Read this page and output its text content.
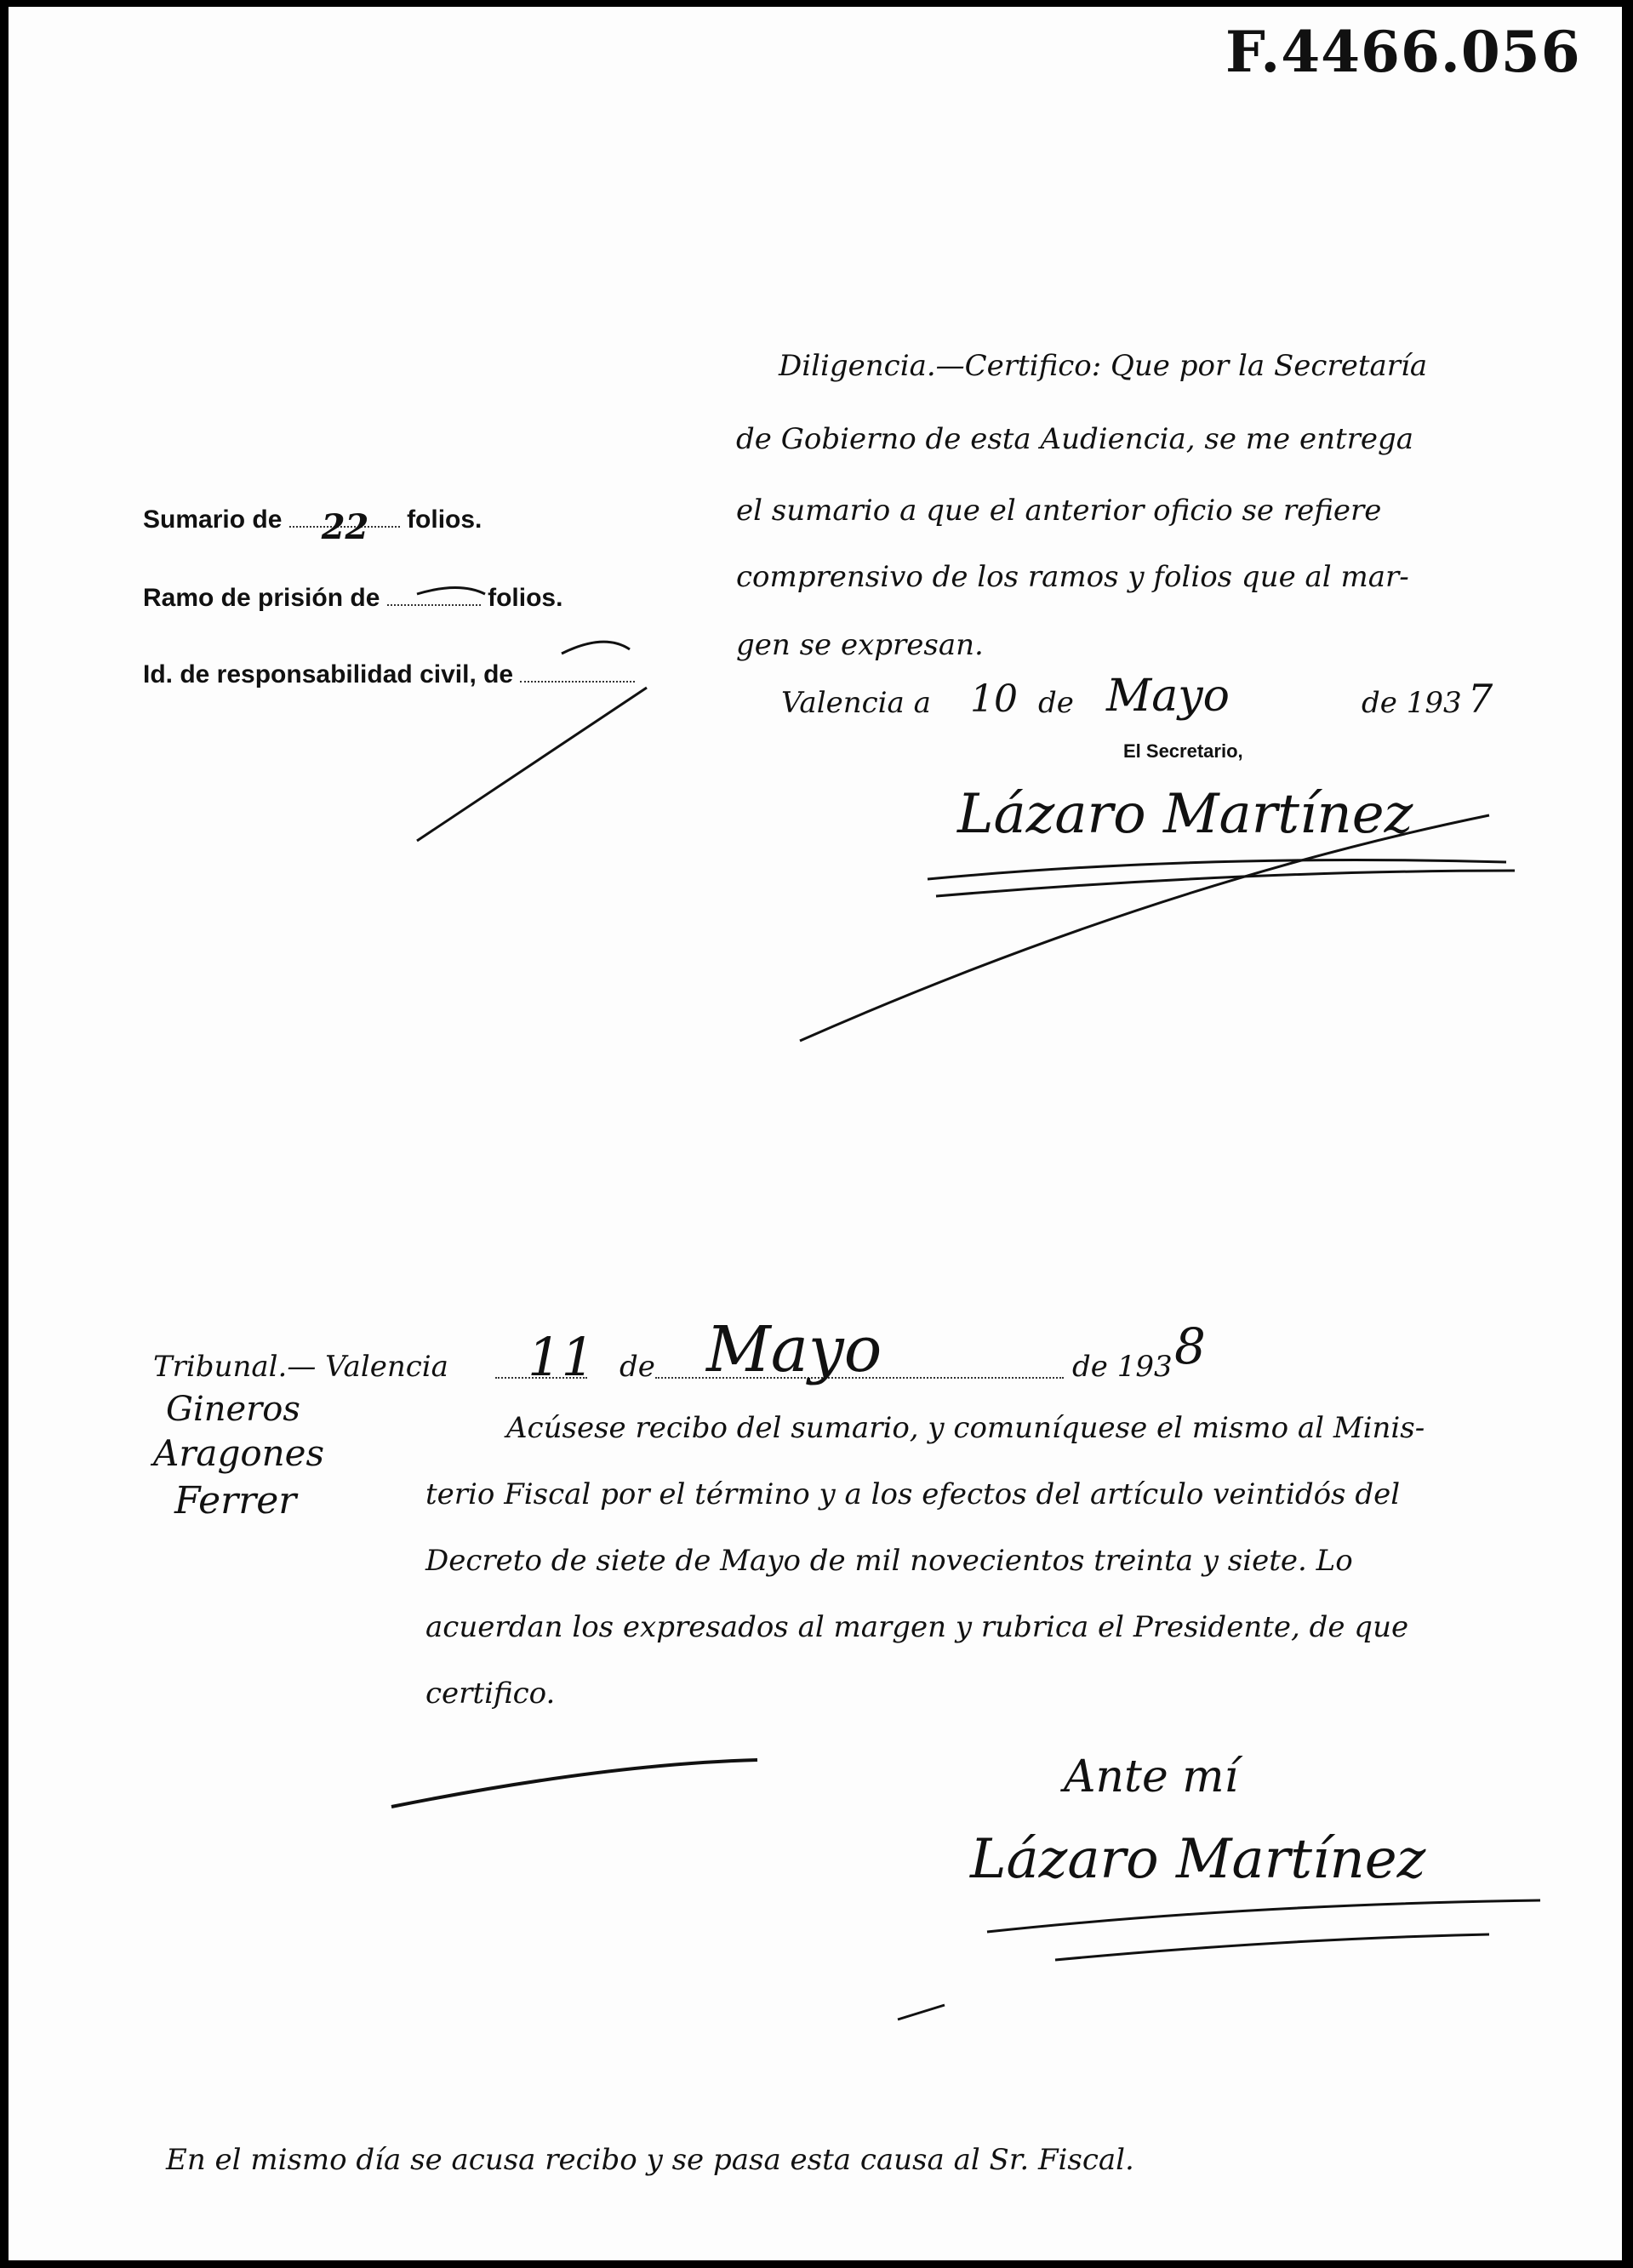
F.4466.056
Diligencia.—Certifico: Que por la Secretaría
de Gobierno de esta Audiencia, se me entrega
el sumario a que el anterior oficio se refiere
comprensivo de los ramos y folios que al mar-
gen se expresan.
Valencia a 10 de Mayo	de 193 7
El Secretario,
Lázaro Martínez
Sumario de 22 folios.
Ramo de prisión de	folios.
Id. de responsabilidad civil, de
Tribunal.— Valencia 11 de Mayo	de 193 8
Gineros
Aragones
Ferrer
Acúsese recibo del sumario, y comuníquese el mismo al Minis-
terio Fiscal por el término y a los efectos del artículo veintidós del
Decreto de siete de Mayo de mil novecientos treinta y siete. Lo
acuerdan los expresados al margen y rubrica el Presidente, de que
certifico.
Ante mí
Lázaro Martínez
En el mismo día se acusa recibo y se pasa esta causa al Sr. Fiscal.
